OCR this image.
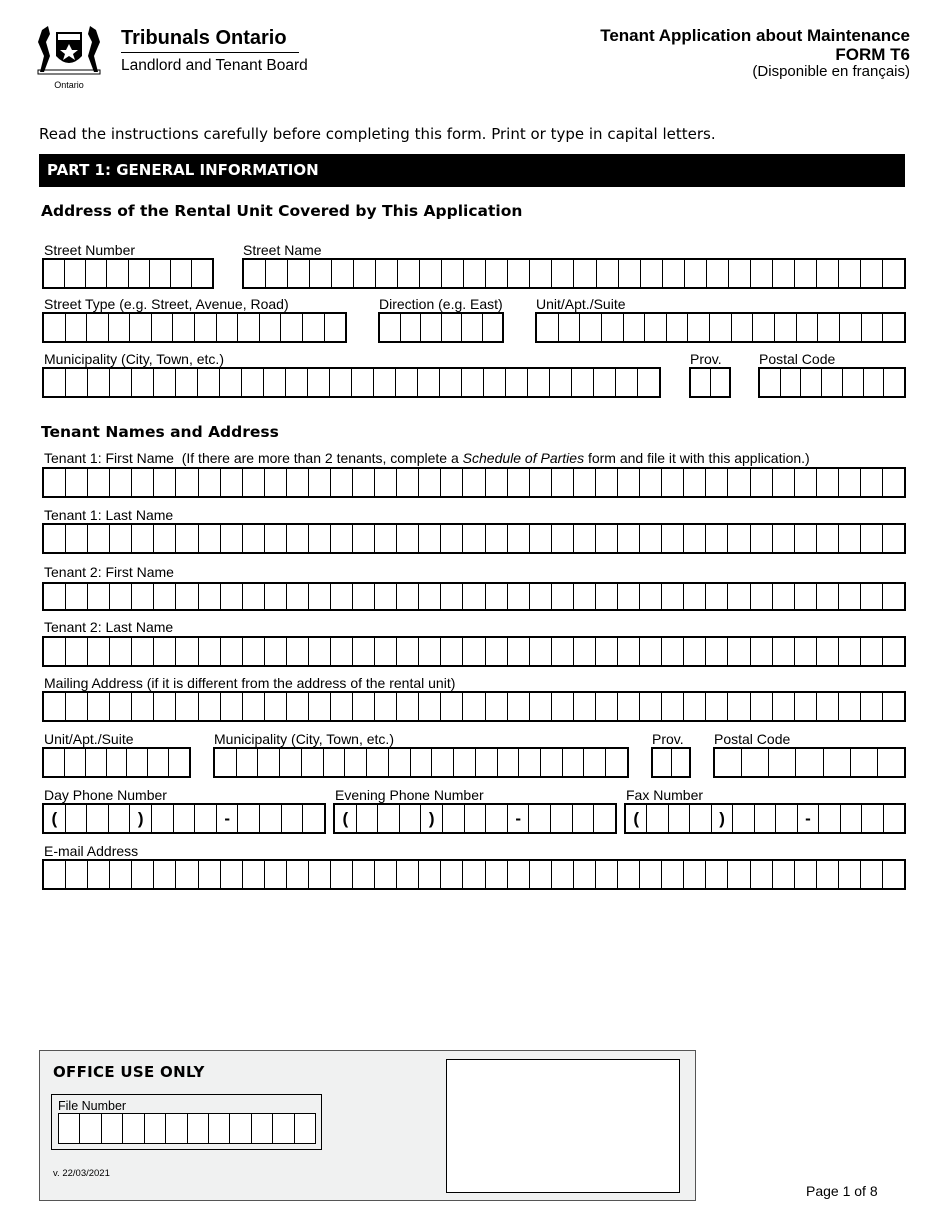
Ontario
Tribunals Ontario
Landlord and Tenant Board
Tenant Application about Maintenance
FORM T6
(Disponible en français)
Read the instructions carefully before completing this form. Print or type in capital letters.
PART 1: GENERAL INFORMATION
Address of the Rental Unit Covered by This Application
Street Number	Street Name
Street Type (e.g. Street, Avenue, Road)	Direction (e.g. East) Unit/Apt./Suite
Municipality (City, Town, etc.)	Prov.	Postal Code
Tenant Names and Address
Tenant 1: First Name  (If there are more than 2 tenants, complete a Schedule of Parties form and file it with this application.)
Tenant 1: Last Name
Tenant 2: First Name
Tenant 2: Last Name
Mailing Address (if it is different from the address of the rental unit)
Unit/Apt./Suite	Municipality (City, Town, etc.)	Prov. Postal Code
Day Phone Number	Evening Phone Number	Fax Number
(	)	-	(	)	-	(	)	-
E-mail Address
OFFICE USE ONLY
File Number
v. 22/03/2021
Page 1 of 8
